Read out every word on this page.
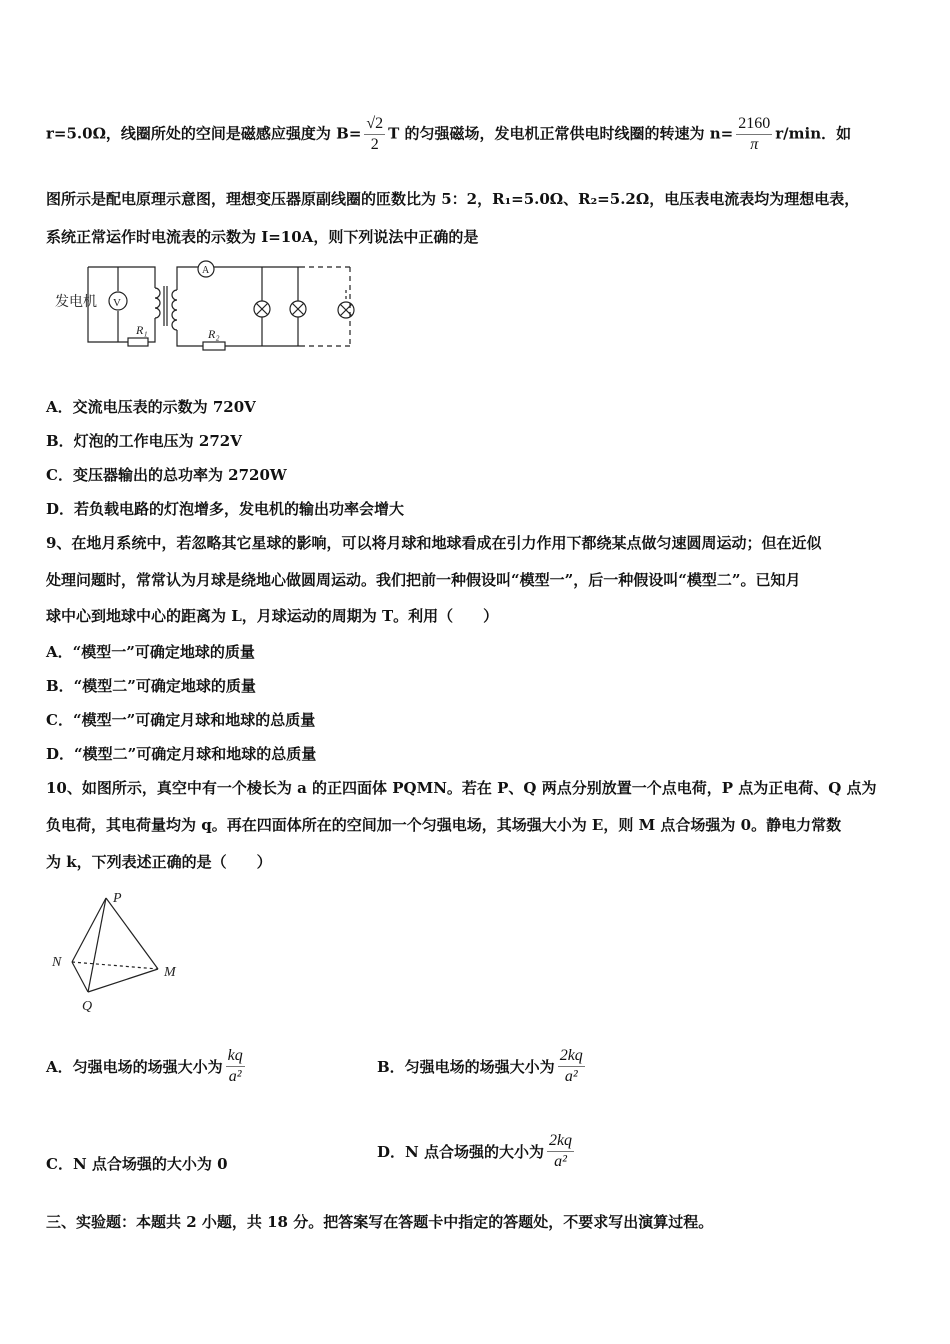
r=5.0Ω，线圈所处的空间是磁感应强度为 $B= \frac{√2}{2}$ T 的匀强磁场，发电机正常供电时线圈的转速为 $n= \frac{2160}{\pi} r/\min$．如
图所示是配电原理示意图，理想变压器原副线圈的匝数比为 5：2，R₁=5.0Ω、R₂=5.2Ω，电压表电流表均为理想电表，
系统正常运作时电流表的示数为 I=10A，则下列说法中正确的是
发电机 V
A
R₁	R₂
A．交流电压表的示数为 720V
B．灯泡的工作电压为 272V
C．变压器输出的总功率为 2720W
D．若负载电路的灯泡增多，发电机的输出功率会增大
9、在地月系统中，若忽略其它星球的影响，可以将月球和地球看成在引力作用下都绕某点做匀速圆周运动；但在近似
处理问题时，常常认为月球是绕地心做圆周运动。我们把前一种假设叫“模型一”，后一种假设叫“模型二”。已知月
球中心到地球中心的距离为 L，月球运动的周期为 T。利用（　　）
A．“模型一”可确定地球的质量
B．“模型二”可确定地球的质量
C．“模型一”可确定月球和地球的总质量
D．“模型二”可确定月球和地球的总质量
10、如图所示，真空中有一个棱长为 a 的正四面体 PQMN。若在 P、Q 两点分别放置一个点电荷，P 点为正电荷、Q 点为
负电荷，其电荷量均为 q。再在四面体所在的空间加一个匀强电场，其场强大小为 E，则 M 点合场强为 0。静电力常数
为 k，下列表述正确的是（　　）
P
N
M
Q
A．匀强电场的场强大小为 $\frac{kq}{\text{a²}}$	B．匀强电场的场强大小为 $\frac{2kq}{\text{a²}}$
C．N 点合场强的大小为 0
D．N 点合场强的大小为 $\frac{2kq}{\text{a²}}$
三、实验题：本题共 2 小题，共 18 分。把答案写在答题卡中指定的答题处，不要求写出演算过程。
